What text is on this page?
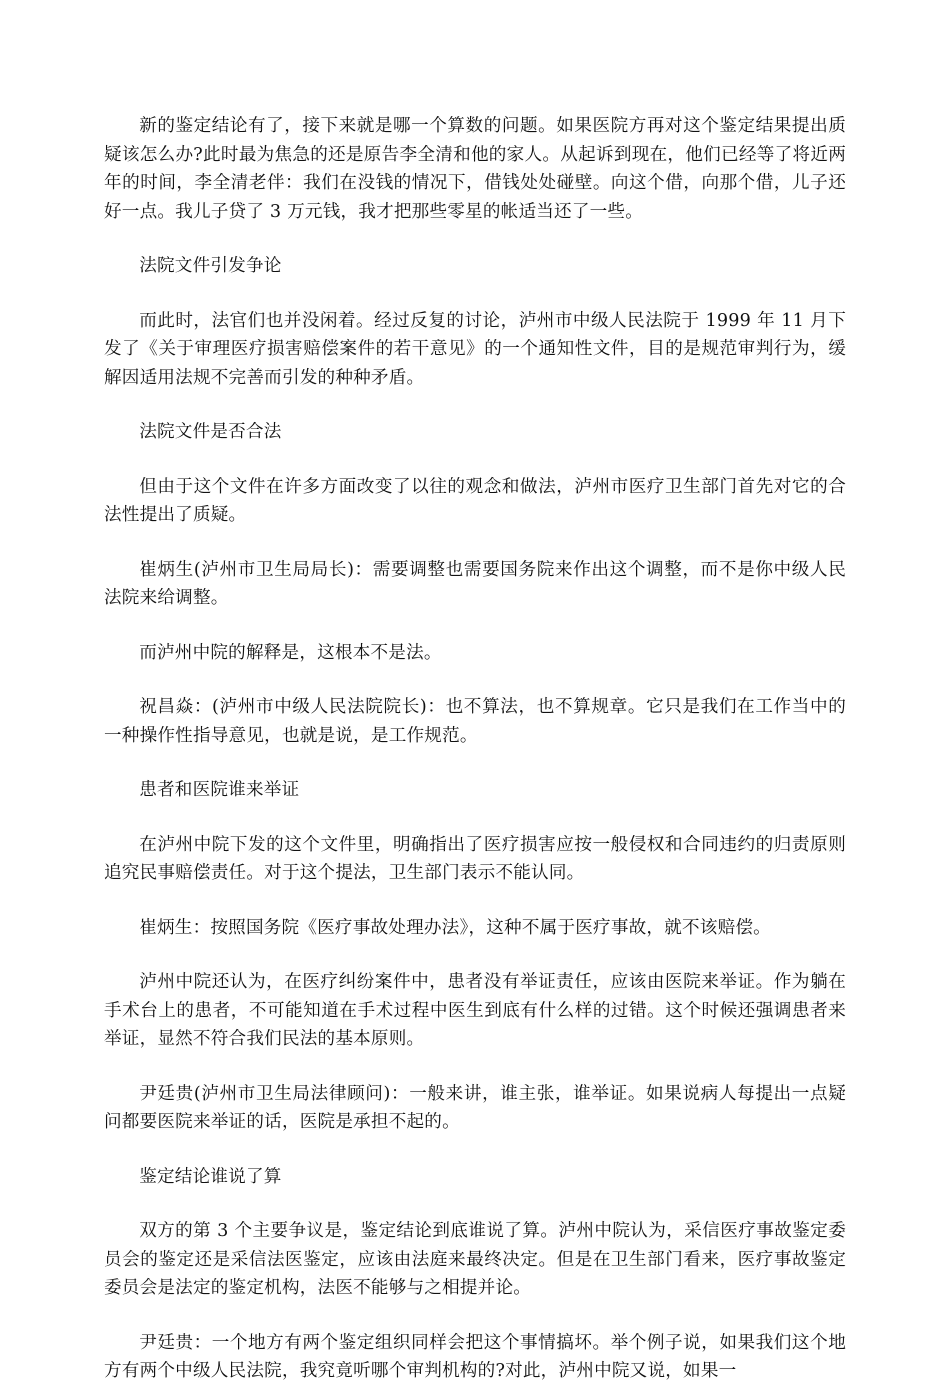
新的鉴定结论有了，接下来就是哪一个算数的问题。如果医院方再对这个鉴定结果提出质疑该怎么办?此时最为焦急的还是原告李全清和他的家人。从起诉到现在，他们已经等了将近两年的时间，李全清老伴：我们在没钱的情况下，借钱处处碰壁。向这个借，向那个借，儿子还好一点。我儿子贷了 3 万元钱，我才把那些零星的帐适当还了一些。

法院文件引发争论

而此时，法官们也并没闲着。经过反复的讨论，泸州市中级人民法院于 1999 年 11 月下发了《关于审理医疗损害赔偿案件的若干意见》的一个通知性文件，目的是规范审判行为，缓解因适用法规不完善而引发的种种矛盾。

法院文件是否合法

但由于这个文件在许多方面改变了以往的观念和做法，泸州市医疗卫生部门首先对它的合法性提出了质疑。

崔炳生(泸州市卫生局局长)：需要调整也需要国务院来作出这个调整，而不是你中级人民法院来给调整。

而泸州中院的解释是，这根本不是法。

祝昌焱：(泸州市中级人民法院院长)：也不算法，也不算规章。它只是我们在工作当中的一种操作性指导意见，也就是说，是工作规范。

患者和医院谁来举证

在泸州中院下发的这个文件里，明确指出了医疗损害应按一般侵权和合同违约的归责原则追究民事赔偿责任。对于这个提法，卫生部门表示不能认同。

崔炳生：按照国务院《医疗事故处理办法》，这种不属于医疗事故，就不该赔偿。

泸州中院还认为，在医疗纠纷案件中，患者没有举证责任，应该由医院来举证。作为躺在手术台上的患者，不可能知道在手术过程中医生到底有什么样的过错。这个时候还强调患者来举证，显然不符合我们民法的基本原则。

尹廷贵(泸州市卫生局法律顾问)：一般来讲，谁主张，谁举证。如果说病人每提出一点疑问都要医院来举证的话，医院是承担不起的。

鉴定结论谁说了算

双方的第 3 个主要争议是，鉴定结论到底谁说了算。泸州中院认为，采信医疗事故鉴定委员会的鉴定还是采信法医鉴定，应该由法庭来最终决定。但是在卫生部门看来，医疗事故鉴定委员会是法定的鉴定机构，法医不能够与之相提并论。

尹廷贵：一个地方有两个鉴定组织同样会把这个事情搞坏。举个例子说，如果我们这个地方有两个中级人民法院，我究竟听哪个审判机构的?对此，泸州中院又说，如果一
